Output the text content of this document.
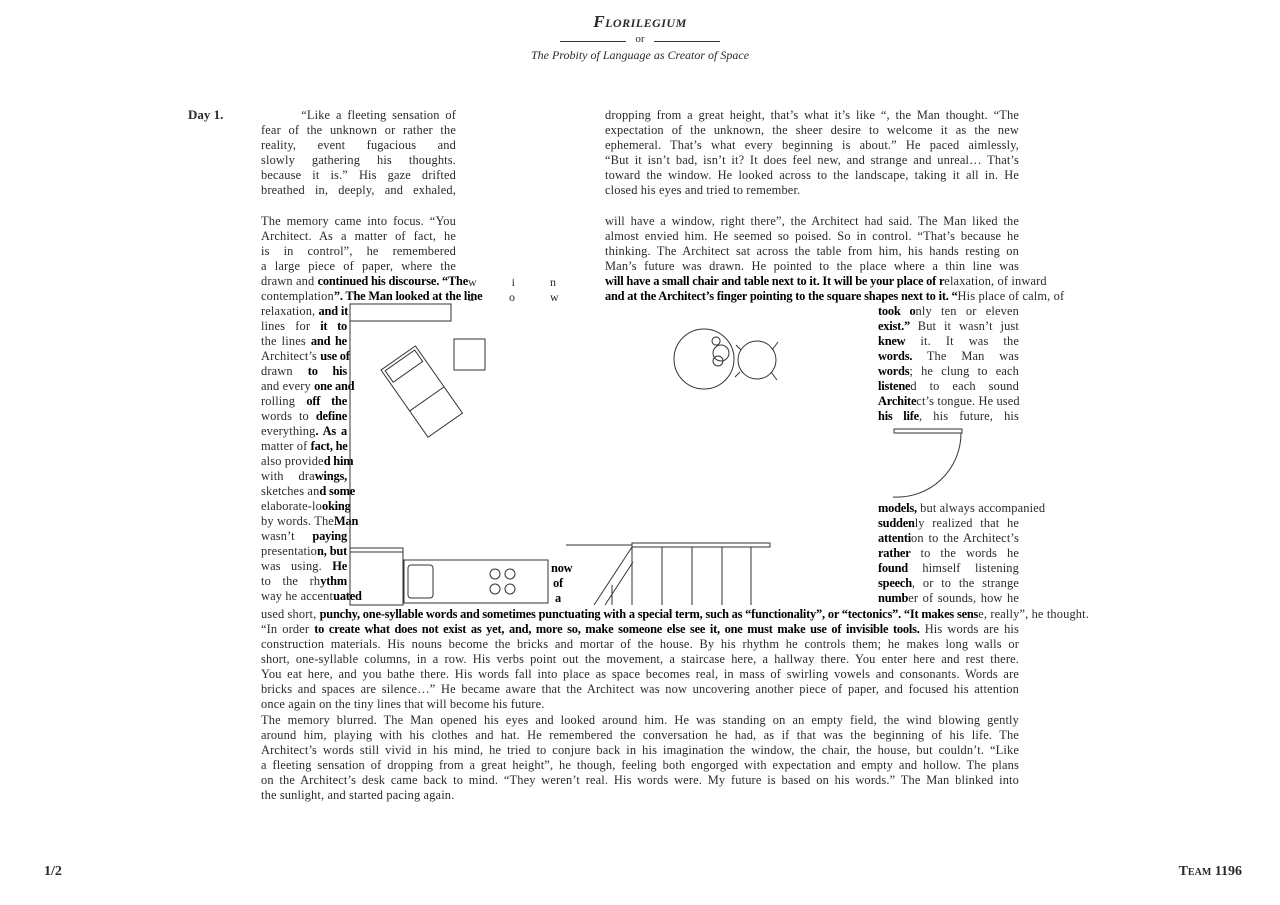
Florilegium
or
The Probity of Language as Creator of Space
Day 1.	“Like a fleeting sensation of
fear of the unknown or rather the
reality, event fugacious and
slowly gathering his thoughts.
because it is.” His gaze drifted
breathed in, deeply, and exhaled,
dropping from a great height, that’s what it’s like “, the Man thought. “The
expectation of the unknown, the sheer desire to welcome it as the new
ephemeral. That’s what every beginning is about.” He paced aimlessly,
“But it isn’t bad, isn’t it? It does feel new, and strange and unreal… That’s
toward the window. He looked across to the landscape, taking it all in. He
closed his eyes and tried to remember.
The memory came into focus. “You
Architect. As a matter of fact, he
is in control”, he remembered
a large piece of paper, where the
drawn and continued his discourse. “The
contemplation”. The Man looked at the line
will have a window, right there”, the Architect had said. The Man liked the
almost envied him. He seemed so poised. So in control. “That’s because he
thinking. The Architect sat across the table from him, his hands resting on
Man’s future was drawn. He pointed to the place where a thin line was
will have a small chair and table next to it. It will be your place of relaxation, of inward
and at the Architect’s finger pointing to the square shapes next to it. “His place of calm, of
relaxation, and it
lines for it to
the lines and he
Architect’s use of
drawn to his
and every one and
rolling off the
words to define
everything. As a
matter of fact, he
also provided him
with drawings,
sketches and some
elaborate-looking
by words. TheMan
wasn’t paying
presentation, but
was using. He
to the rhythm
way he accentuated
took only ten or eleven
exist.” But it wasn’t just
knew it. It was the
words. The Man was
words; he clung to each
listened to each sound
Architect’s tongue. He used
his life, his future, his
models, but always accompanied
suddenly realized that he
attention to the Architect’s
rather to the words he
found himself listening
speech, or to the strange
number of sounds, how he
now
of
a
used short, punchy, one-syllable words and sometimes punctuating with a special term, such as “functionality”, or “tectonics”. “It makes sense, really”, he thought.
“In order to create what does not exist as yet, and, more so, make someone else see it, one must make use of invisible tools. His words are his
construction materials. His nouns become the bricks and mortar of the house. By his rhythm he controls them; he makes long walls or
short, one-syllable columns, in a row. His verbs point out the movement, a staircase here, a hallway there. You enter here and rest there.
You eat here, and you bathe there. His words fall into place as space becomes real, in mass of swirling vowels and consonants. Words are
bricks and spaces are silence…” He became aware that the Architect was now uncovering another piece of paper, and focused his attention
once again on the tiny lines that will become his future.
The memory blurred. The Man opened his eyes and looked around him. He was standing on an empty field, the wind blowing gently
around him, playing with his clothes and hat. He remembered the conversation he had, as if that was the beginning of his life. The
Architect’s words still vivid in his mind, he tried to conjure back in his imagination the window, the chair, the house, but couldn’t. “Like
a fleeting sensation of dropping from a great height”, he though, feeling both engorged with expectation and empty and hollow. The plans
on the Architect’s desk came back to mind. “They weren’t real. His words were. My future is based on his words.” The Man blinked into
the sunlight, and started pacing again.
w i n d o w
1/2	Team 1196
